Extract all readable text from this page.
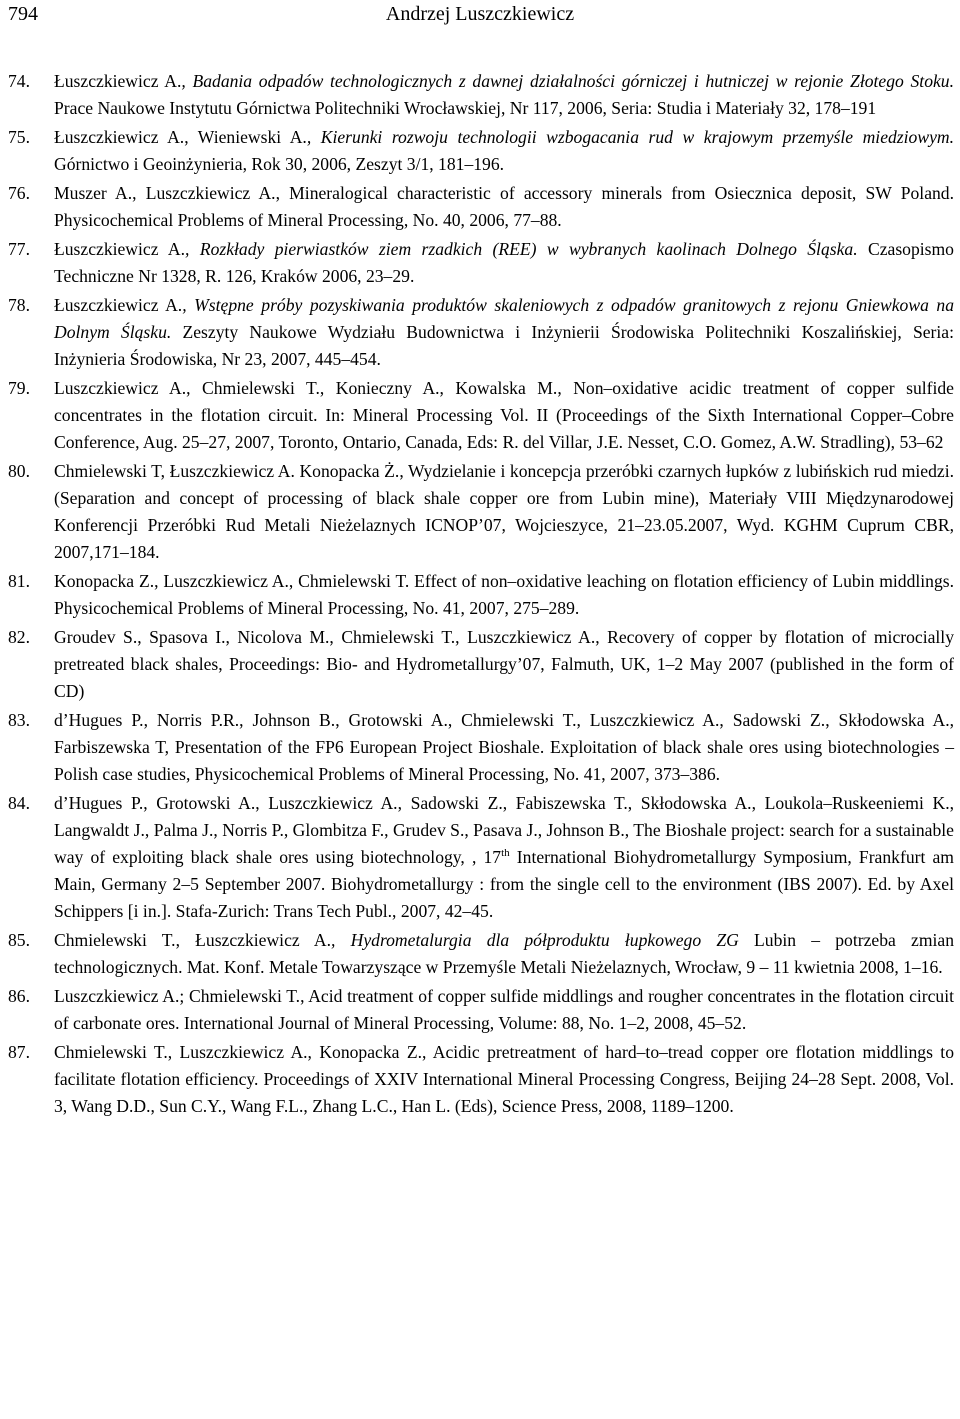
794	Andrzej Luszczkiewicz
74. Łuszczkiewicz A., Badania odpadów technologicznych z dawnej działalności górniczej i hutniczej w rejonie Złotego Stoku. Prace Naukowe Instytutu Górnictwa Politechniki Wrocławskiej, Nr 117, 2006, Seria: Studia i Materiały 32, 178–191
75. Łuszczkiewicz A., Wieniewski A., Kierunki rozwoju technologii wzbogacania rud w krajowym przemyśle miedziowym. Górnictwo i Geoinżynieria, Rok 30, 2006, Zeszyt 3/1, 181–196.
76. Muszer A., Luszczkiewicz A., Mineralogical characteristic of accessory minerals from Osiecznica deposit, SW Poland. Physicochemical Problems of Mineral Processing, No. 40, 2006, 77–88.
77. Łuszczkiewicz A., Rozkłady pierwiastków ziem rzadkich (REE) w wybranych kaolinach Dolnego Śląska. Czasopismo Techniczne Nr 1328, R. 126, Kraków 2006, 23–29.
78. Łuszczkiewicz A., Wstępne próby pozyskiwania produktów skaleniowych z odpadów granitowych z rejonu Gniewkowa na Dolnym Śląsku. Zeszyty Naukowe Wydziału Budownictwa i Inżynierii Środowiska Politechniki Koszalińskiej, Seria: Inżynieria Środowiska, Nr 23, 2007, 445–454.
79. Luszczkiewicz A., Chmielewski T., Konieczny A., Kowalska M., Non–oxidative acidic treatment of copper sulfide concentrates in the flotation circuit. In: Mineral Processing Vol. II (Proceedings of the Sixth International Copper–Cobre Conference, Aug. 25–27, 2007, Toronto, Ontario, Canada, Eds: R. del Villar, J.E. Nesset, C.O. Gomez, A.W. Stradling), 53–62
80. Chmielewski T, Łuszczkiewicz A. Konopacka Ż., Wydzielanie i koncepcja przeróbki czarnych łupków z lubińskich rud miedzi. (Separation and concept of processing of black shale copper ore from Lubin mine), Materiały VIII Międzynarodowej Konferencji Przeróbki Rud Metali Nieżelaznych ICNOP’07, Wojcieszyce, 21–23.05.2007, Wyd. KGHM Cuprum CBR, 2007,171–184.
81. Konopacka Z., Luszczkiewicz A., Chmielewski T. Effect of non–oxidative leaching on flotation efficiency of Lubin middlings. Physicochemical Problems of Mineral Processing, No. 41, 2007, 275–289.
82. Groudev S., Spasova I., Nicolova M., Chmielewski T., Luszczkiewicz A., Recovery of copper by flotation of microcially pretreated black shales, Proceedings: Bio- and Hydrometallurgy’07, Falmuth, UK, 1–2 May 2007 (published in the form of CD)
83. d’Hugues P., Norris P.R., Johnson B., Grotowski A., Chmielewski T., Luszczkiewicz A., Sadowski Z., Skłodowska A., Farbiszewska T, Presentation of the FP6 European Project Bioshale. Exploitation of black shale ores using biotechnologies – Polish case studies, Physicochemical Problems of Mineral Processing, No. 41, 2007, 373–386.
84. d’Hugues P., Grotowski A., Luszczkiewicz A., Sadowski Z., Fabiszewska T., Skłodowska A., Loukola–Ruskeeniemi K., Langwaldt J., Palma J., Norris P., Glombitza F., Grudev S., Pasava J., Johnson B., The Bioshale project: search for a sustainable way of exploiting black shale ores using biotechnology, , 17th International Biohydrometallurgy Symposium, Frankfurt am Main, Germany 2–5 September 2007. Biohydrometallurgy : from the single cell to the environment (IBS 2007). Ed. by Axel Schippers [i in.]. Stafa-Zurich: Trans Tech Publ., 2007, 42–45.
85. Chmielewski T., Łuszczkiewicz A., Hydrometalurgia dla półproduktu łupkowego ZG Lubin – potrzeba zmian technologicznych. Mat. Konf. Metale Towarzyszące w Przemyśle Metali Nieżelaznych, Wrocław, 9 – 11 kwietnia 2008, 1–16.
86. Luszczkiewicz A.; Chmielewski T., Acid treatment of copper sulfide middlings and rougher concentrates in the flotation circuit of carbonate ores. International Journal of Mineral Processing, Volume: 88, No. 1–2, 2008, 45–52.
87. Chmielewski T., Luszczkiewicz A., Konopacka Z., Acidic pretreatment of hard–to–tread copper ore flotation middlings to facilitate flotation efficiency. Proceedings of XXIV International Mineral Processing Congress, Beijing 24–28 Sept. 2008, Vol. 3, Wang D.D., Sun C.Y., Wang F.L., Zhang L.C., Han L. (Eds), Science Press, 2008, 1189–1200.
